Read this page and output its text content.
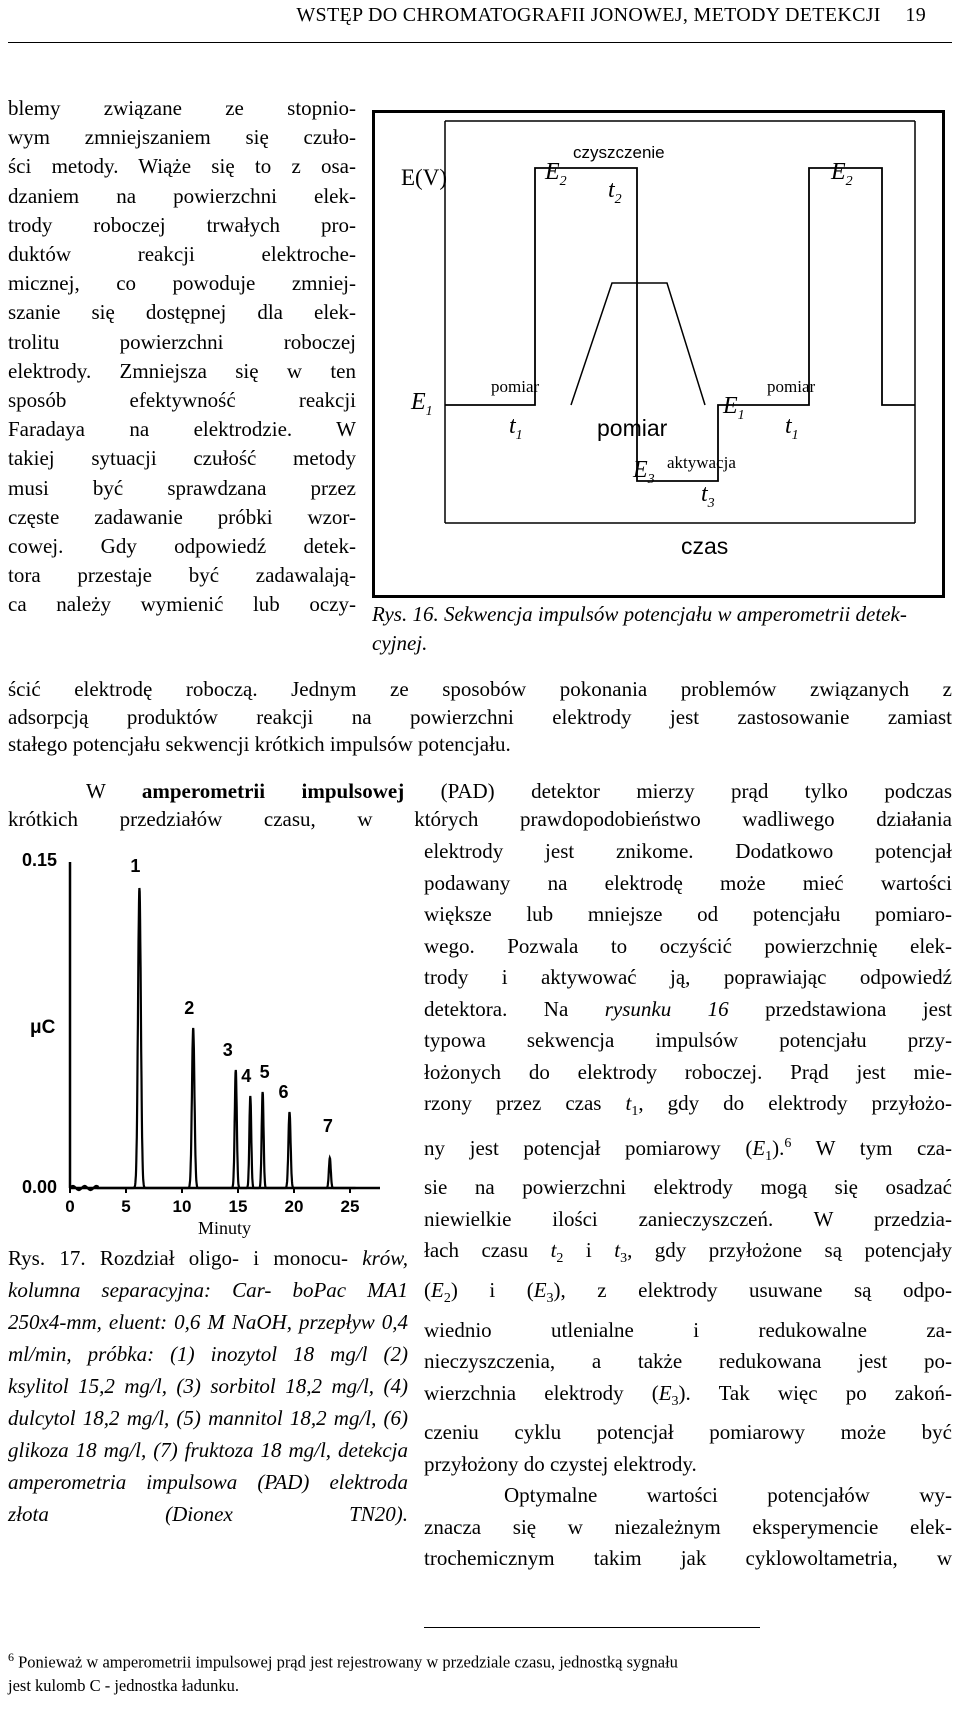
WSTĘP DO CHROMATOGRAFII JONOWEJ, METODY DETEKCJI 19
blemy związane ze stopnio-
wym zmniejszaniem się czuło-
ści metody. Wiąże się to z osa-
dzaniem na powierzchni elek-
trody roboczej trwałych pro-
duktów reakcji elektroche-
micznej, co powoduje zmniej-
szanie się dostępnej dla elek-
trolitu powierzchni roboczej
elektrody. Zmniejsza się w ten
sposób efektywność reakcji
Faradaya na elektrodzie. W
takiej sytuacji czułość metody
musi być sprawdzana przez
częste zadawanie próbki wzor-
cowej. Gdy odpowiedź detek-
tora przestaje być zadawalają-
ca należy wymienić lub oczy-
E(V)	$E_2$
czyszczenie
$t_2$
$E_2$
$E_1$
pomiar
$t_1$	pomiar
$E_1$
pomiar
$t_1$
aktywacja
$E_3$
$t_3$
czas
Rys. 16. Sekwencja impulsów potencjału w amperometrii detek-
cyjnej.
ścić elektrodę roboczą. Jednym ze sposobów pokonania problemów związanych z
adsorpcją produktów reakcji na powierzchni elektrody jest zastosowanie zamiast
stałego potencjału sekwencji krótkich impulsów potencjału.
W amperometrii impulsowej (PAD) detektor mierzy prąd tylko podczas
krótkich przedziałów czasu, w których prawdopodobieństwo wadliwego działania
elektrody jest znikome. Dodatkowo potencjał
podawany na elektrodę może mieć wartości
większe lub mniejsze od potencjału pomiaro-
wego. Pozwala to oczyścić powierzchnię elek-
trody i aktywować ją, poprawiając odpowiedź
detektora. Na rysunku 16 przedstawiona jest
typowa sekwencja impulsów potencjału przy-
łożonych do elektrody roboczej. Prąd jest mie-
rzony przez czas $t_1$, gdy do elektrody przyłożo-
ny jest potencjał pomiarowy $(E_1).^6$ W tym cza-
sie na powierzchni elektrody mogą się osadzać
niewielkie ilości zanieczyszczeń. W przedzia-
łach czasu $t_2$ i $t_3$, gdy przyłożone są potencjały
$(E_2)$ i $(E_3)$, z elektrody usuwane są odpo-
wiednio utlenialne i redukowalne za-
nieczyszczenia, a także redukowana jest po-
wierzchnia elektrody $(E_3)$. Tak więc po zakoń-
czeniu cyklu potencjał pomiarowy może być
przyłożony do czystej elektrody.
Optymalne wartości potencjałów wy-
znacza się w niezależnym eksperymencie elek-
trochemicznym takim jak cyklowoltametria, w
1
2
3
4 5
6
7
0	5 10 15 20 25
0.15
0.00
μC
Minuty
Rys. 17. Rozdział oligo- i monocu- krów, kolumna separacyjna: Car- boPac MA1 250x4-mm, eluent: 0,6 M NaOH, przepływ 0,4 ml/min, próbka: (1) inozytol 18 mg/l (2) ksylitol 15,2 mg/l, (3) sorbitol 18,2 mg/l, (4) dulcytol 18,2 mg/l, (5) mannitol 18,2 mg/l, (6) glikoza 18 mg/l, (7) fruktoza 18 mg/l, detekcja amperometria impulsowa (PAD) elektroda złota (Dionex TN20).
$^6$ Ponieważ w amperometrii impulsowej prąd jest rejestrowany w przedziale czasu, jednostką sygnału
jest kulomb C - jednostka ładunku.
